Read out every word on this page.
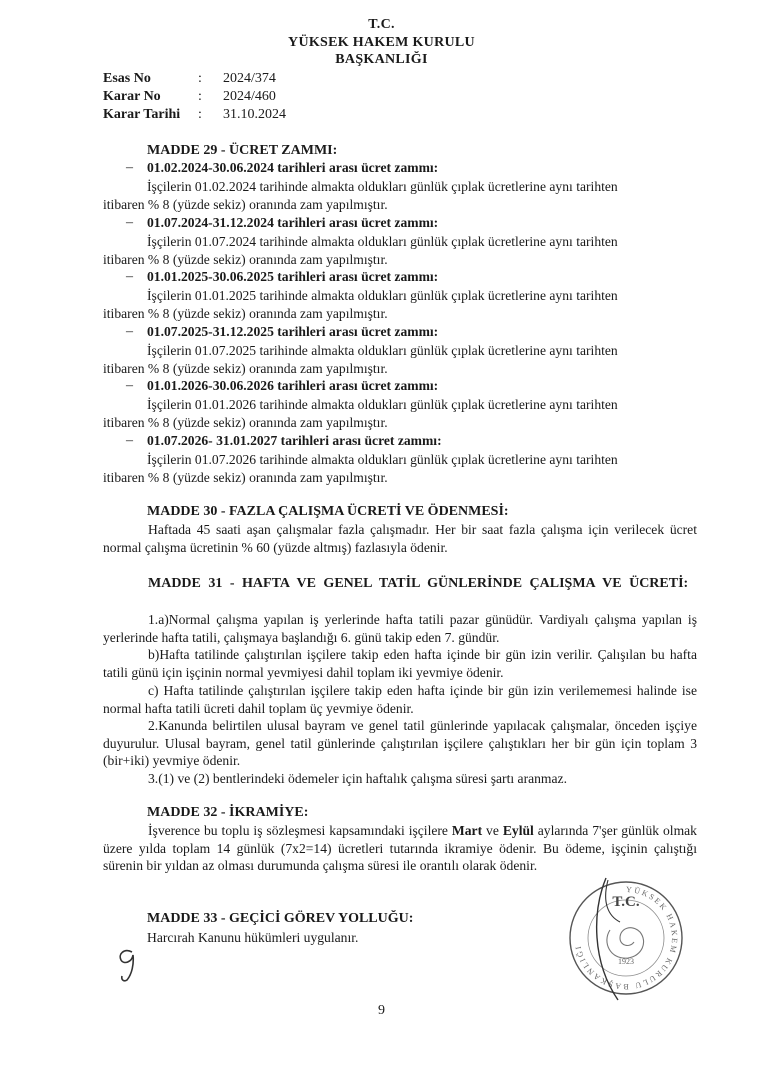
T.C.
YÜKSEK HAKEM KURULU
BAŞKANLIĞI
Esas No	:	2024/374
Karar No	:	2024/460
Karar Tarihi	:	31.10.2024
MADDE 29 - ÜCRET ZAMMI:
– 01.02.2024-30.06.2024 tarihleri arası ücret zammı:
İşçilerin 01.02.2024 tarihinde almakta oldukları günlük çıplak ücretlerine aynı tarihten
itibaren % 8 (yüzde sekiz) oranında zam yapılmıştır.
– 01.07.2024-31.12.2024 tarihleri arası ücret zammı:
İşçilerin 01.07.2024 tarihinde almakta oldukları günlük çıplak ücretlerine aynı tarihten
itibaren % 8 (yüzde sekiz) oranında zam yapılmıştır.
– 01.01.2025-30.06.2025 tarihleri arası ücret zammı:
İşçilerin 01.01.2025 tarihinde almakta oldukları günlük çıplak ücretlerine aynı tarihten
itibaren % 8 (yüzde sekiz) oranında zam yapılmıştır.
– 01.07.2025-31.12.2025 tarihleri arası ücret zammı:
İşçilerin 01.07.2025 tarihinde almakta oldukları günlük çıplak ücretlerine aynı tarihten
itibaren % 8 (yüzde sekiz) oranında zam yapılmıştır.
– 01.01.2026-30.06.2026 tarihleri arası ücret zammı:
İşçilerin 01.01.2026 tarihinde almakta oldukları günlük çıplak ücretlerine aynı tarihten
itibaren % 8 (yüzde sekiz) oranında zam yapılmıştır.
– 01.07.2026- 31.01.2027 tarihleri arası ücret zammı:
İşçilerin 01.07.2026 tarihinde almakta oldukları günlük çıplak ücretlerine aynı tarihten
itibaren % 8 (yüzde sekiz) oranında zam yapılmıştır.
MADDE 30 - FAZLA ÇALIŞMA ÜCRETİ VE ÖDENMESİ:
Haftada 45 saati aşan çalışmalar fazla çalışmadır. Her bir saat fazla çalışma için verilecek ücret normal çalışma ücretinin % 60 (yüzde altmış) fazlasıyla ödenir.
MADDE 31 - HAFTA VE GENEL TATİL GÜNLERİNDE ÇALIŞMA VE ÜCRETİ:
1.a)Normal çalışma yapılan iş yerlerinde hafta tatili pazar günüdür. Vardiyalı çalışma yapılan iş yerlerinde hafta tatili, çalışmaya başlandığı 6. günü takip eden 7. gündür.
b)Hafta tatilinde çalıştırılan işçilere takip eden hafta içinde bir gün izin verilir. Çalışılan bu hafta tatili günü için işçinin normal yevmiyesi dahil toplam iki yevmiye ödenir.
c) Hafta tatilinde çalıştırılan işçilere takip eden hafta içinde bir gün izin verilememesi halinde ise normal hafta tatili ücreti dahil toplam üç yevmiye ödenir.
2.Kanunda belirtilen ulusal bayram ve genel tatil günlerinde yapılacak çalışmalar, önceden işçiye duyurulur. Ulusal bayram, genel tatil günlerinde çalıştırılan işçilere çalıştıkları her bir gün için toplam 3 (bir+iki) yevmiye ödenir.
3.(1) ve (2) bentlerindeki ödemeler için haftalık çalışma süresi şartı aranmaz.
MADDE 32 - İKRAMİYE:
İşverence bu toplu iş sözleşmesi kapsamındaki işçilere Mart ve Eylül aylarında 7'şer günlük olmak üzere yılda toplam 14 günlük (7x2=14) ücretleri tutarında ikramiye ödenir. Bu ödeme, işçinin çalıştığı sürenin bir yıldan az olması durumunda çalışma süresi ile orantılı olarak ödenir.
MADDE 33 - GEÇİCİ GÖREV YOLLUĞU:
Harcırah Kanunu hükümleri uygulanır.
YÜKSEK HAKEM KURULU BAŞKANLIĞI
T.C.
1923
9
